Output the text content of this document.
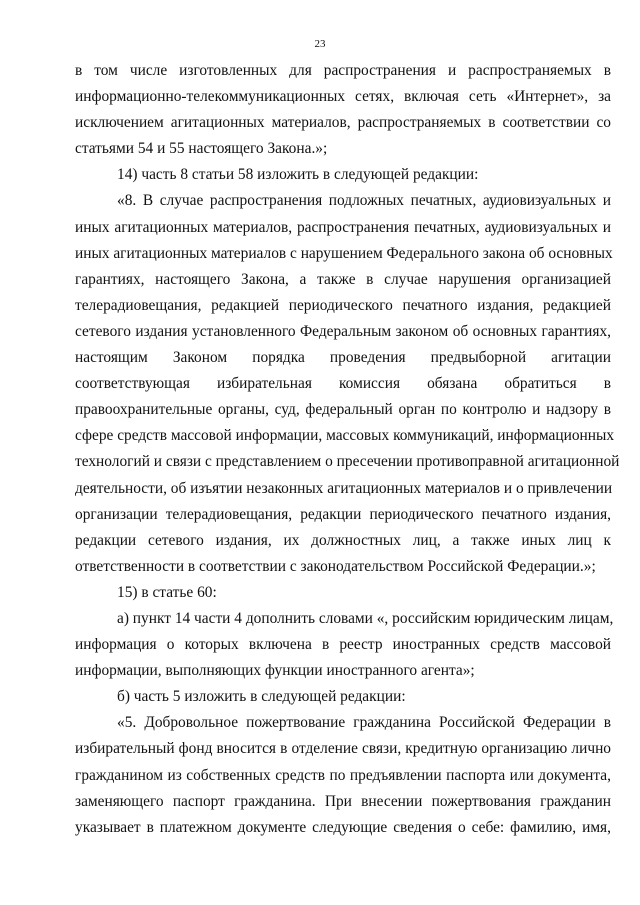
23
в том числе изготовленных для распространения и распространяемых в
информационно-телекоммуникационных сетях, включая сеть «Интернет», за
исключением агитационных материалов, распространяемых в соответствии со
статьями 54 и 55 настоящего Закона.»;
14) часть 8 статьи 58 изложить в следующей редакции:
«8. В случае распространения подложных печатных, аудиовизуальных и
иных агитационных материалов, распространения печатных, аудиовизуальных и
иных агитационных материалов с нарушением Федерального закона об основных
гарантиях, настоящего Закона, а также в случае нарушения организацией
телерадиовещания, редакцией периодического печатного издания, редакцией
сетевого издания установленного Федеральным законом об основных гарантиях,
настоящим Законом порядка проведения предвыборной агитации
соответствующая избирательная комиссия обязана обратиться в
правоохранительные органы, суд, федеральный орган по контролю и надзору в
сфере средств массовой информации, массовых коммуникаций, информационных
технологий и связи с представлением о пресечении противоправной агитационной
деятельности, об изъятии незаконных агитационных материалов и о привлечении
организации телерадиовещания, редакции периодического печатного издания,
редакции сетевого издания, их должностных лиц, а также иных лиц к
ответственности в соответствии с законодательством Российской Федерации.»;
15) в статье 60:
а) пункт 14 части 4 дополнить словами «, российским юридическим лицам,
информация о которых включена в реестр иностранных средств массовой
информации, выполняющих функции иностранного агента»;
б) часть 5 изложить в следующей редакции:
«5. Добровольное пожертвование гражданина Российской Федерации в
избирательный фонд вносится в отделение связи, кредитную организацию лично
гражданином из собственных средств по предъявлении паспорта или документа,
заменяющего паспорт гражданина. При внесении пожертвования гражданин
указывает в платежном документе следующие сведения о себе: фамилию, имя,
